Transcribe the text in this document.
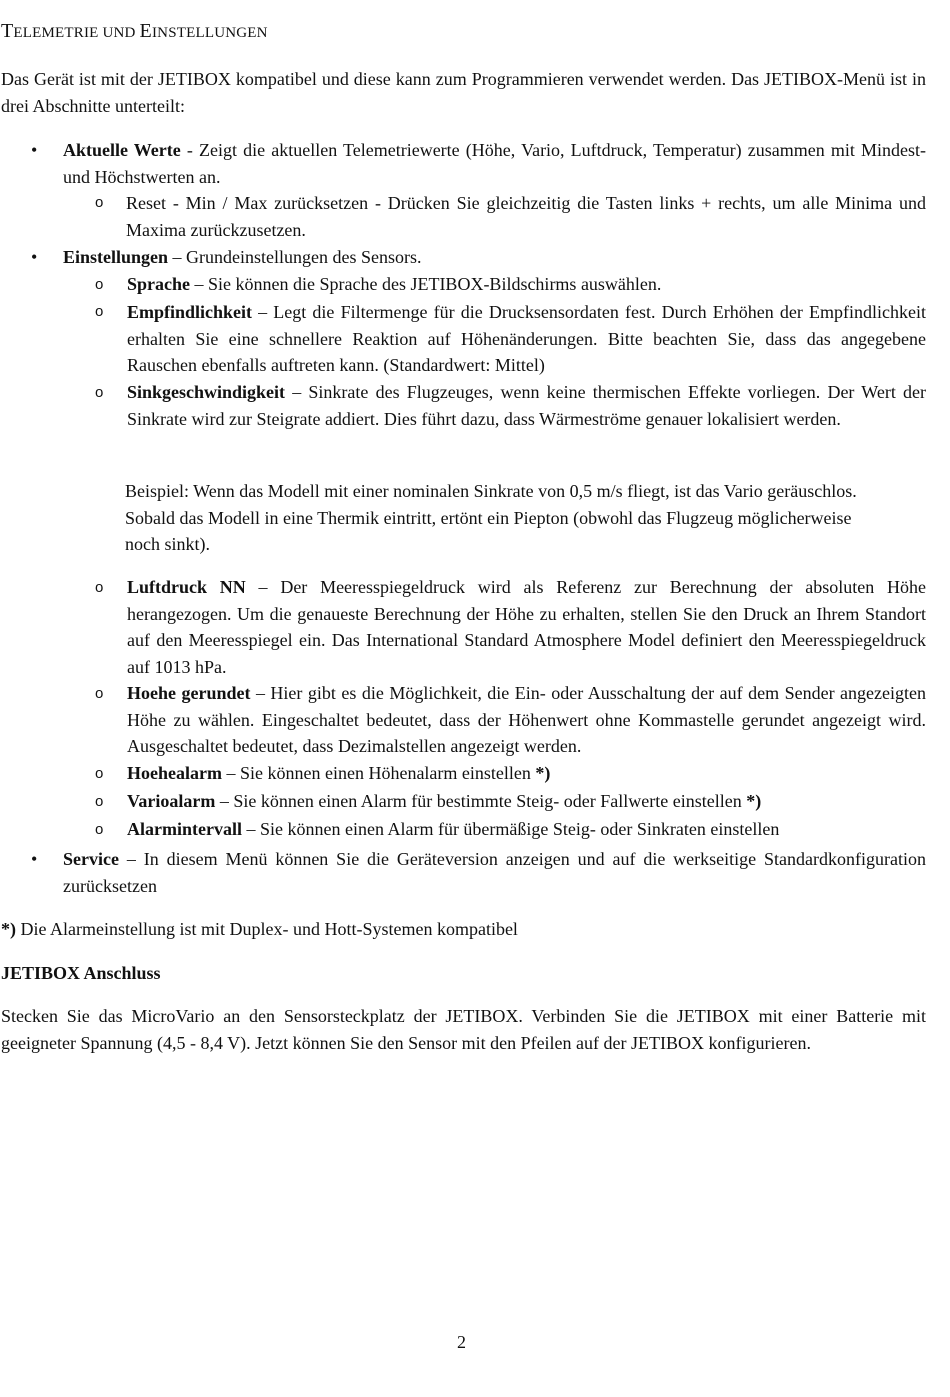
TELEMETRIE UND EINSTELLUNGEN
Das Gerät ist mit der JETIBOX kompatibel und diese kann zum Programmieren verwendet werden. Das JETIBOX-Menü ist in drei Abschnitte unterteilt:
• Aktuelle Werte - Zeigt die aktuellen Telemetriewerte (Höhe, Vario, Luftdruck, Temperatur) zusammen mit Mindest- und Höchstwerten an.
o Reset - Min / Max zurücksetzen - Drücken Sie gleichzeitig die Tasten links + rechts, um alle Minima und Maxima zurückzusetzen.
• Einstellungen – Grundeinstellungen des Sensors.
o Sprache – Sie können die Sprache des JETIBOX-Bildschirms auswählen.
o Empfindlichkeit – Legt die Filtermenge für die Drucksensordaten fest. Durch Erhöhen der Empfindlichkeit erhalten Sie eine schnellere Reaktion auf Höhenänderungen. Bitte beachten Sie, dass das angegebene Rauschen ebenfalls auftreten kann. (Standardwert: Mittel)
o Sinkgeschwindigkeit – Sinkrate des Flugzeuges, wenn keine thermischen Effekte vorliegen. Der Wert der Sinkrate wird zur Steigrate addiert. Dies führt dazu, dass Wärmeströme genauer lokalisiert werden.
Beispiel: Wenn das Modell mit einer nominalen Sinkrate von 0,5 m/s fliegt, ist das Vario geräuschlos. Sobald das Modell in eine Thermik eintritt, ertönt ein Piepton (obwohl das Flugzeug möglicherweise noch sinkt).
o Luftdruck NN – Der Meeresspiegeldruck wird als Referenz zur Berechnung der absoluten Höhe herangezogen. Um die genaueste Berechnung der Höhe zu erhalten, stellen Sie den Druck an Ihrem Standort auf den Meeresspiegel ein. Das International Standard Atmosphere Model definiert den Meeresspiegeldruck auf 1013 hPa.
o Hoehe gerundet – Hier gibt es die Möglichkeit, die Ein- oder Ausschaltung der auf dem Sender angezeigten Höhe zu wählen. Eingeschaltet bedeutet, dass der Höhenwert ohne Kommastelle gerundet angezeigt wird. Ausgeschaltet bedeutet, dass Dezimalstellen angezeigt werden.
o Hoehealarm – Sie können einen Höhenalarm einstellen *)
o Varioalarm – Sie können einen Alarm für bestimmte Steig- oder Fallwerte einstellen *)
o Alarmintervall – Sie können einen Alarm für übermäßige Steig- oder Sinkraten einstellen
• Service – In diesem Menü können Sie die Geräteversion anzeigen und auf die werkseitige Standardkonfiguration zurücksetzen
*) Die Alarmeinstellung ist mit Duplex- und Hott-Systemen kompatibel
JETIBOX Anschluss
Stecken Sie das MicroVario an den Sensorsteckplatz der JETIBOX. Verbinden Sie die JETIBOX mit einer Batterie mit geeigneter Spannung (4,5 - 8,4 V). Jetzt können Sie den Sensor mit den Pfeilen auf der JETIBOX konfigurieren.
2
